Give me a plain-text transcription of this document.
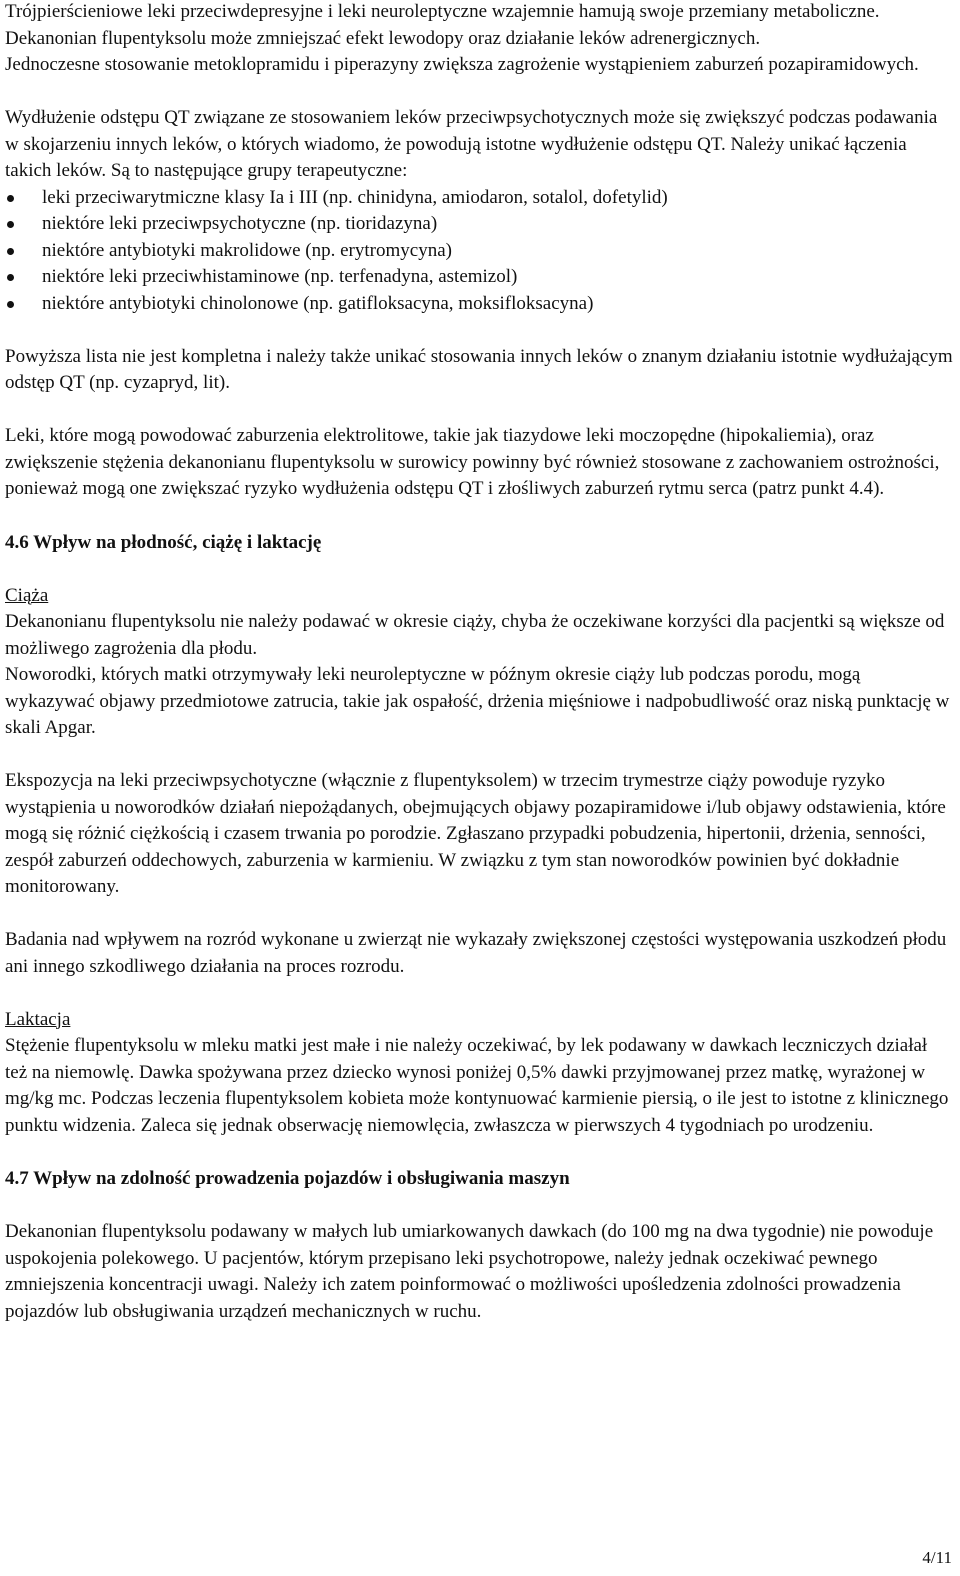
Trójpierścieniowe leki przeciwdepresyjne i leki neuroleptyczne wzajemnie hamują swoje przemiany metaboliczne.

Dekanonian flupentyksolu może zmniejszać efekt lewodopy oraz działanie leków adrenergicznych.

Jednoczesne stosowanie metoklopramidu i piperazyny zwiększa zagrożenie wystąpieniem zaburzeń pozapiramidowych.

Wydłużenie odstępu QT związane ze stosowaniem leków przeciwpsychotycznych może się zwiększyć podczas podawania w skojarzeniu innych leków, o których wiadomo, że powodują istotne wydłużenie odstępu QT. Należy unikać łączenia takich leków. Są to następujące grupy terapeutyczne:

leki przeciwarytmiczne klasy Ia i III (np. chinidyna, amiodaron, sotalol, dofetylid)
niektóre leki przeciwpsychotyczne (np. tioridazyna)
niektóre antybiotyki makrolidowe (np. erytromycyna)
niektóre leki przeciwhistaminowe (np. terfenadyna, astemizol)
niektóre antybiotyki chinolonowe (np. gatifloksacyna, moksifloksacyna)

Powyższa lista nie jest kompletna i należy także unikać stosowania innych leków o znanym działaniu istotnie wydłużającym odstęp QT (np. cyzapryd, lit).

Leki, które mogą powodować zaburzenia elektrolitowe, takie jak tiazydowe leki moczopędne (hipokaliemia), oraz zwiększenie stężenia dekanonianu flupentyksolu w surowicy powinny być również stosowane z zachowaniem ostrożności, ponieważ mogą one zwiększać ryzyko wydłużenia odstępu QT i złośliwych zaburzeń rytmu serca (patrz punkt 4.4).

4.6 Wpływ na płodność, ciążę i laktację

Ciąża

Dekanonianu flupentyksolu nie należy podawać w okresie ciąży, chyba że oczekiwane korzyści dla pacjentki są większe od możliwego zagrożenia dla płodu.

Noworodki, których matki otrzymywały leki neuroleptyczne w późnym okresie ciąży lub podczas porodu, mogą wykazywać objawy przedmiotowe zatrucia, takie jak ospałość, drżenia mięśniowe i nadpobudliwość oraz niską punktację w skali Apgar.

Ekspozycja na leki przeciwpsychotyczne (włącznie z flupentyksolem) w trzecim trymestrze ciąży powoduje ryzyko wystąpienia u noworodków działań niepożądanych, obejmujących objawy pozapiramidowe i/lub objawy odstawienia, które mogą się różnić ciężkością i czasem trwania po porodzie. Zgłaszano przypadki pobudzenia, hipertonii, drżenia, senności, zespół zaburzeń oddechowych, zaburzenia w karmieniu. W związku z tym stan noworodków powinien być dokładnie monitorowany.

Badania nad wpływem na rozród wykonane u zwierząt nie wykazały zwiększonej częstości występowania uszkodzeń płodu ani innego szkodliwego działania na proces rozrodu.

Laktacja

Stężenie flupentyksolu w mleku matki jest małe i nie należy oczekiwać, by lek podawany w dawkach leczniczych działał też na niemowlę. Dawka spożywana przez dziecko wynosi poniżej 0,5% dawki przyjmowanej przez matkę, wyrażonej w mg/kg mc. Podczas leczenia flupentyksolem kobieta może kontynuować karmienie piersią, o ile jest to istotne z klinicznego punktu widzenia. Zaleca się jednak obserwację niemowlęcia, zwłaszcza w pierwszych 4 tygodniach po urodzeniu.

4.7 Wpływ na zdolność prowadzenia pojazdów i obsługiwania maszyn

Dekanonian flupentyksolu podawany w małych lub umiarkowanych dawkach (do 100 mg na dwa tygodnie) nie powoduje uspokojenia polekowego. U pacjentów, którym przepisano leki psychotropowe, należy jednak oczekiwać pewnego zmniejszenia koncentracji uwagi. Należy ich zatem poinformować o możliwości upośledzenia zdolności prowadzenia pojazdów lub obsługiwania urządzeń mechanicznych w ruchu.

4/11
